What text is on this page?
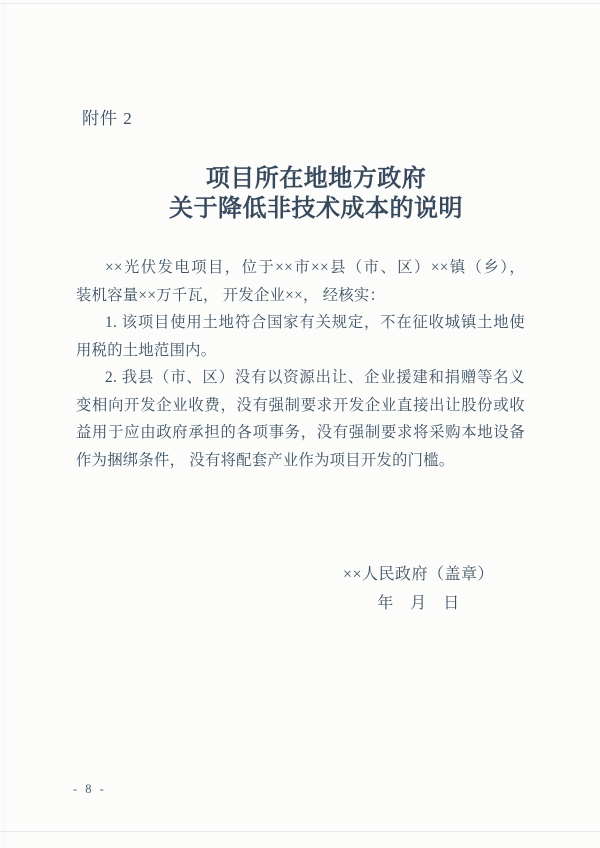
附件 2
项目所在地地方政府
关于降低非技术成本的说明
××光伏发电项目，位于××市××县（市、区）××镇（乡），
装机容量××万千瓦， 开发企业××， 经核实：
1. 该项目使用土地符合国家有关规定，不在征收城镇土地使
用税的土地范围内。
2. 我县（市、区）没有以资源出让、企业援建和捐赠等名义
变相向开发企业收费，没有强制要求开发企业直接出让股份或收
益用于应由政府承担的各项事务，没有强制要求将采购本地设备
作为捆绑条件， 没有将配套产业作为项目开发的门槛。
××人民政府（盖章）
年　月　日
- 8 -
